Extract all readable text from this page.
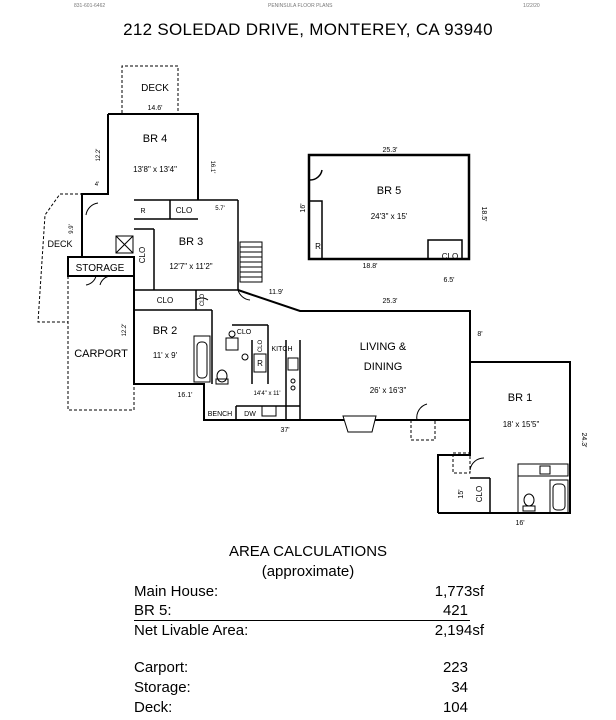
831-601-6462	PENINSULA FLOOR PLANS	1/22/20
212 SOLEDAD DRIVE, MONTEREY, CA 93940
DECK
14.6'
DECK
9.9'
CARPORT
BR 5
24'3" x 15'
25.3'
16'	18.5'
18.8'
CLO
6.5'
R
BR 4
13'8" x 13'4"
12.2'
16.1'
4'
5.7'
R	CLO
BR 3
12'7" x 11'2"
CLO
STORAGE
11.9'
25.3'
8'
CLO	CLO
BR 2
11' x 9'
12.2'
16.1'
CLO
CLO
R
KITCH
14'4" x 11'
BENCH DW
37'
LIVING &
DINING
26' x 16'3"
BR 1
18' x 15'5"
24.3'
16'
CLO
15'
AREA CALCULATIONS
(approximate)
Main House:	1,773sf
BR 5:	421
Net Livable Area:	2,194sf
Carport:	223
Storage:	34
Deck:	104
